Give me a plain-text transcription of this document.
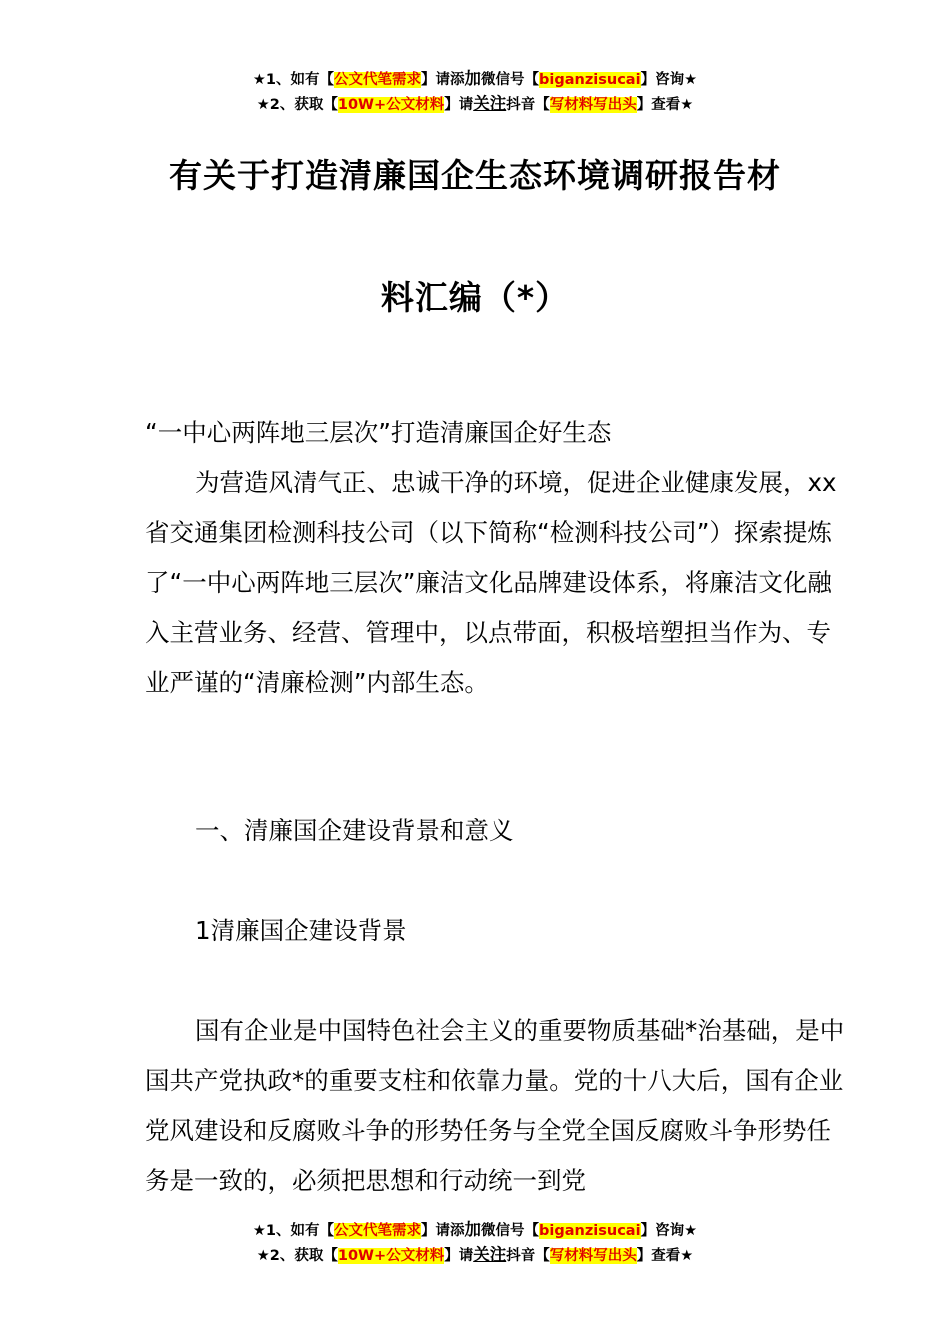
★1、如有【公文代笔需求】请添加微信号【biganzisucai】咨询★
★2、获取【10W+公文材料】请关注抖音【写材料写出头】查看★
有关于打造清廉国企生态环境调研报告材
料汇编（*）

“一中心两阵地三层次”打造清廉国企好生态

为营造风清气正、忠诚干净的环境，促进企业健康发展，xx省交通集团检测科技公司（以下简称“检测科技公司”）探索提炼了“一中心两阵地三层次”廉洁文化品牌建设体系，将廉洁文化融入主营业务、经营、管理中，以点带面，积极培塑担当作为、专业严谨的“清廉检测”内部生态。

一、清廉国企建设背景和意义

1清廉国企建设背景

国有企业是中国特色社会主义的重要物质基础*治基础，是中国共产党执政*的重要支柱和依靠力量。党的十八大后，国有企业党风建设和反腐败斗争的形势任务与全党全国反腐败斗争形势任务是一致的，必须把思想和行动统一到党

★1、如有【公文代笔需求】请添加微信号【biganzisucai】咨询★
★2、获取【10W+公文材料】请关注抖音【写材料写出头】查看★
